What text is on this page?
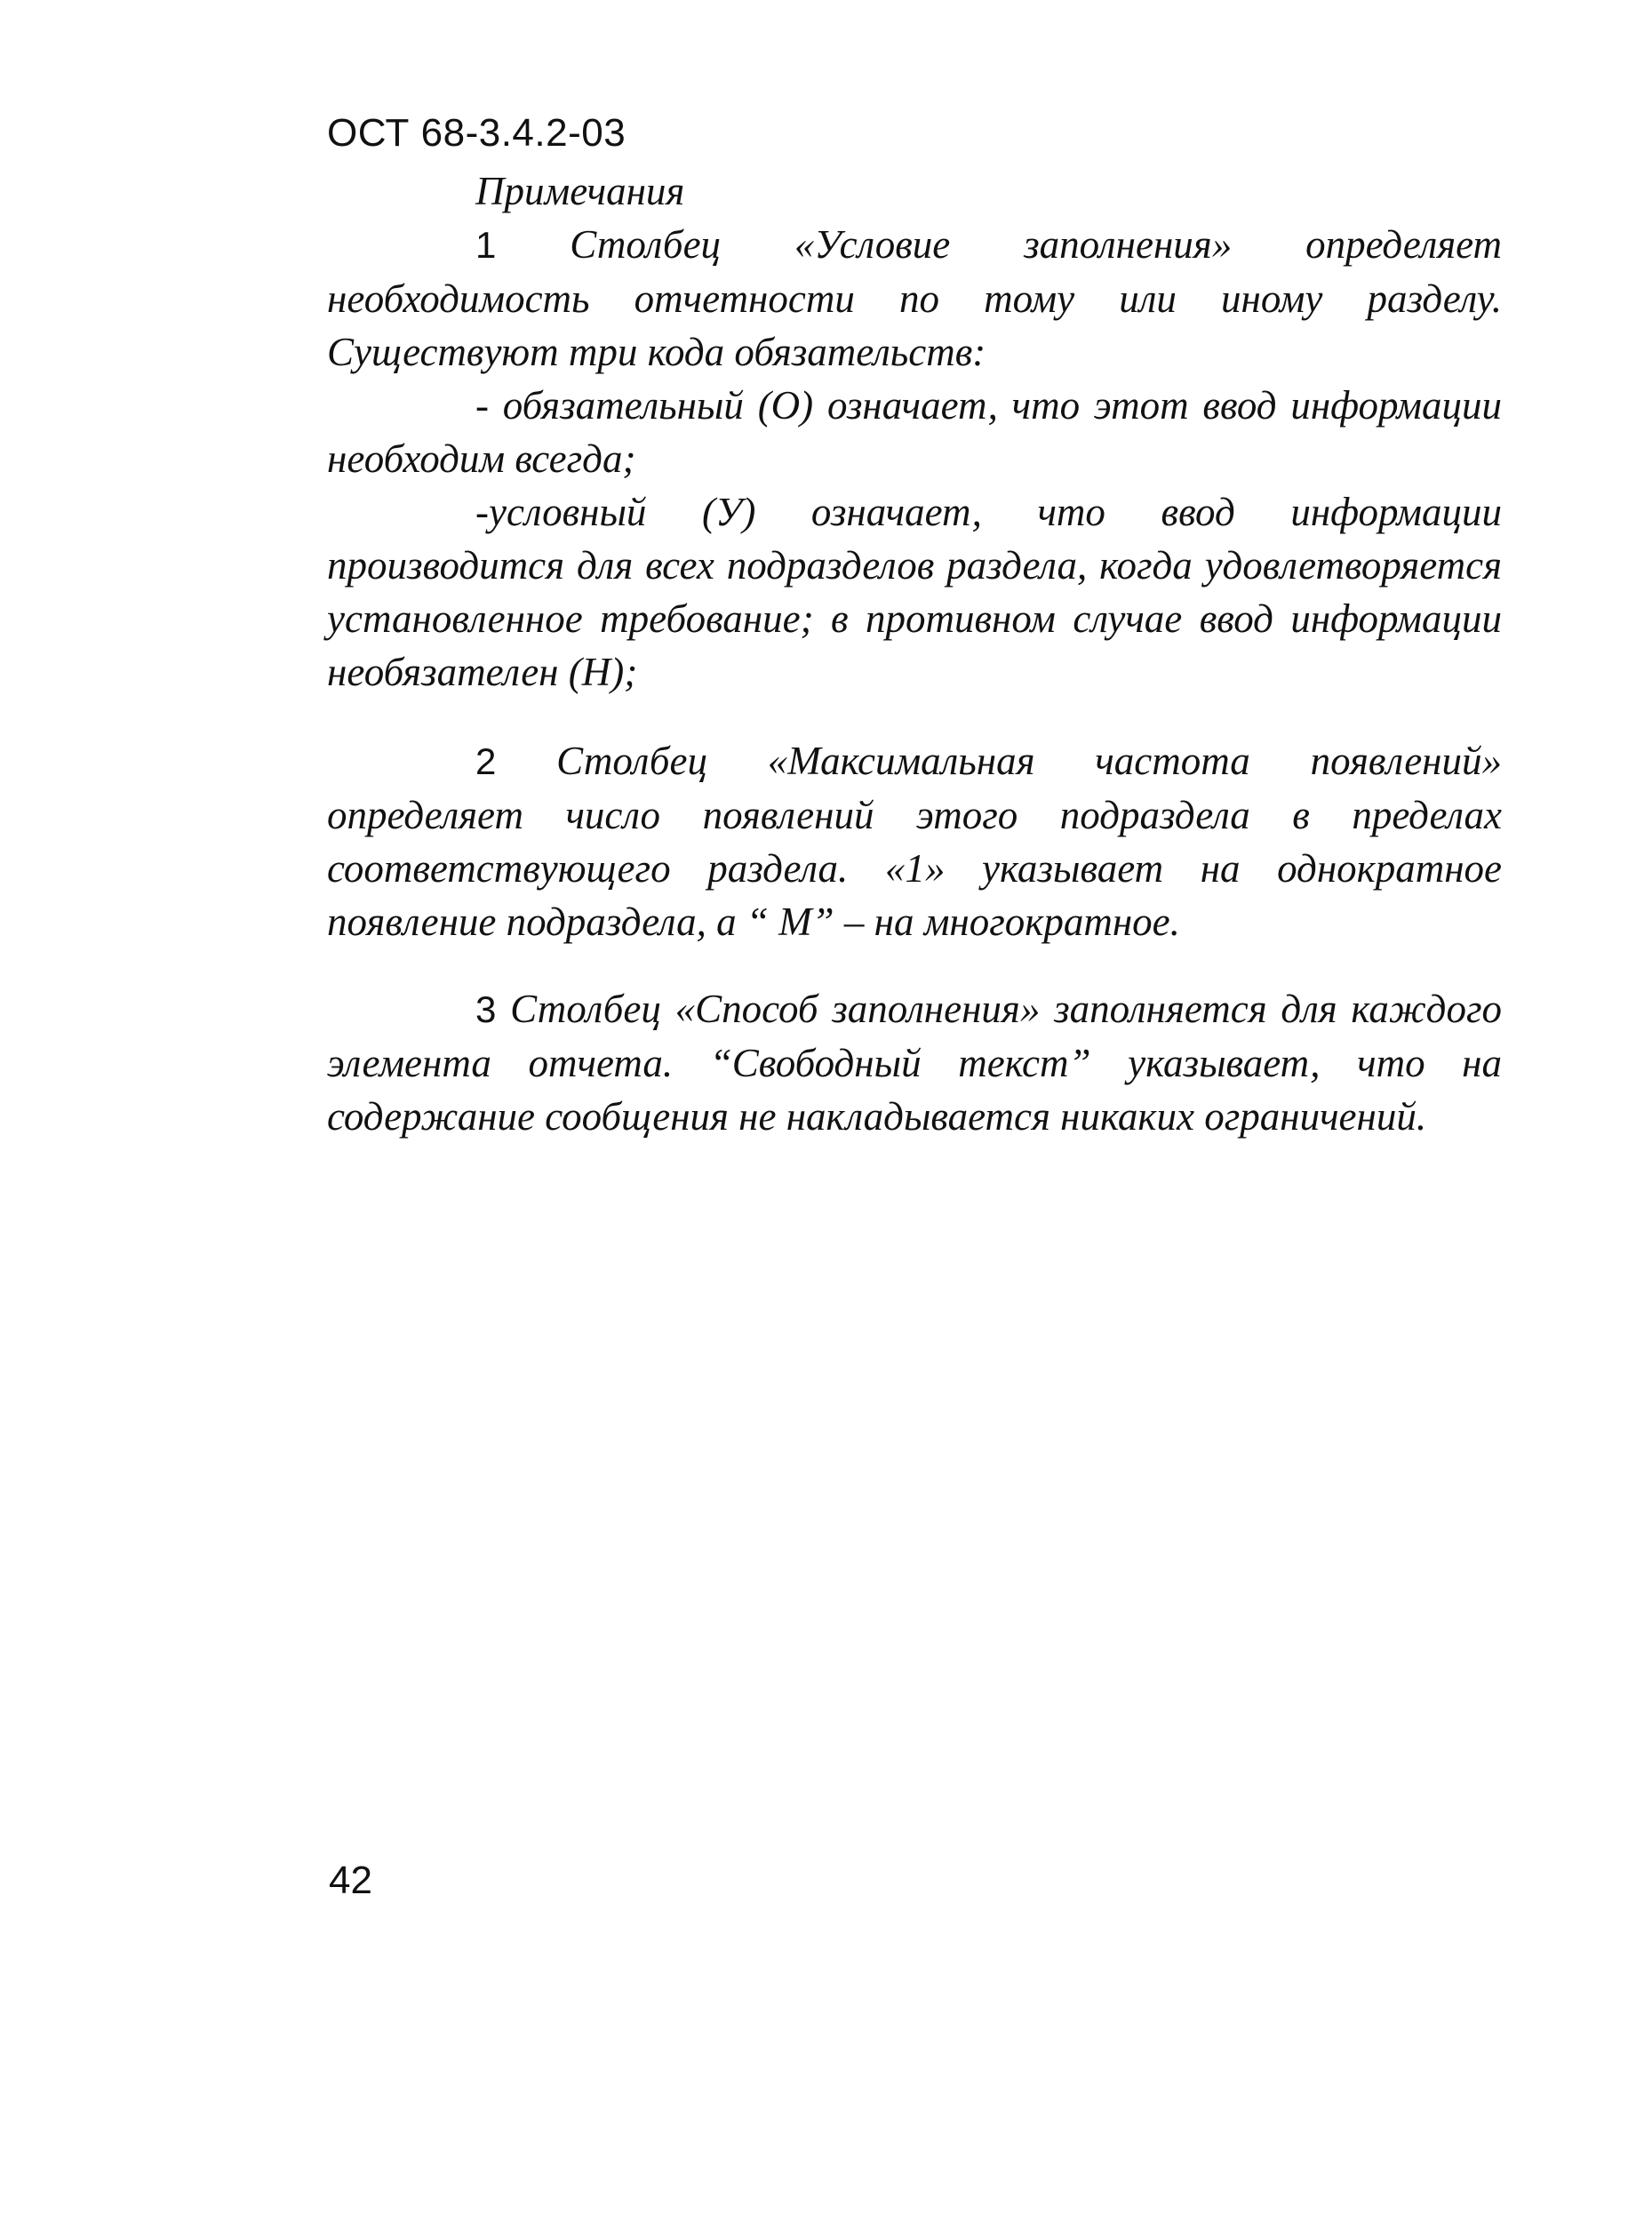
ОСТ 68-3.4.2-03

Примечания

1 Столбец «Условие заполнения» определяет необходимость отчетности по тому или иному разделу. Существуют три кода обязательств:

- обязательный (О) означает, что этот ввод информации необходим всегда;

-условный (У) означает, что ввод информации производится для всех подразделов раздела, когда удовлетворяется установленное требование; в противном случае ввод информации необязателен (Н);

2 Столбец «Максимальная частота появлений» определяет число появлений этого подраздела в пределах соответствующего раздела. «1» указывает на однократное появление подраздела, а “ М” – на многократное.

3 Столбец «Способ заполнения» заполняется для каждого элемента отчета. “Свободный текст” указывает, что на содержание сообщения не накладывается никаких ограничений.

42
